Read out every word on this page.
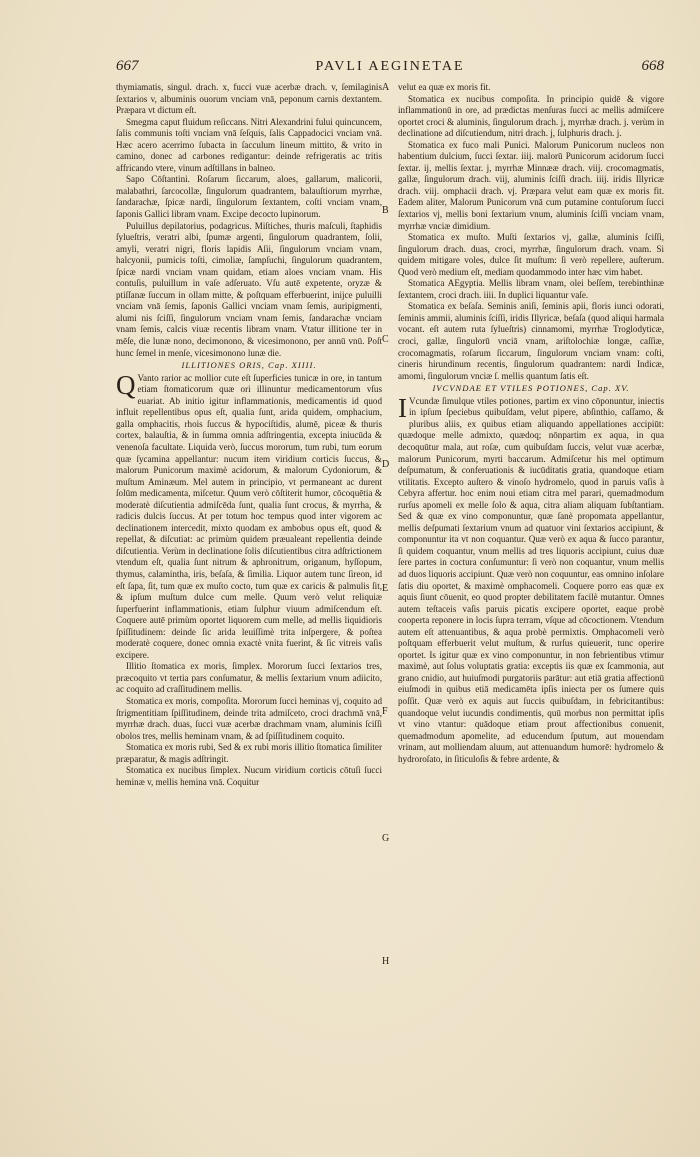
667	PAVLI AEGINETAE	668

thymiamatis, singul. drach. x, fucci vuæ acerbæ drach. v, ſemilaginis ſextarios v, albuminis ouorum vnciam vnā, peponum carnis dextantem. Præpara vt dictum eſt.

Smegma caput fluidum reſiccans. Nitri Alexandrini fului quincuncem, ſalis communis toſti vnciam vnā ſeſquis, ſalis Cappadocici vnciam vnā. Hæc acero acerrimo ſubacta in ſacculum lineum mittito, & vrito in camino, donec ad carbones redigantur: deinde refrigeratis ac tritis affricando vtere, vinum adſtillans in balneo.

Sapo Cōſtantini. Roſarum ſiccarum, aloes, gallarum, malicorii, malabathri, ſarcocollæ, ſingulorum quadrantem, balauſtiorum myrrhæ, ſandarachæ, ſpicæ nardi, ſingulorum ſextantem, coſti vnciam vnam, ſaponis Gallici libram vnam. Excipe decocto lupinorum.

Puluillus depilatorius, podagricus. Miſtiches, thuris maſculi, ſtaphidis ſylueſtris, veratri albi, ſpumæ argenti, ſingulorum quadrantem, ſolii, amyli, veratri nigri, floris lapidis Aſii, ſingulorum vnciam vnam, halcyonii, pumicis toſti, cimoliæ, ſampſuchi, ſingulorum quadrantem, ſpicæ nardi vnciam vnam quidam, etiam aloes vnciam vnam. His contuſis, puluillum in vaſe adſeruato. Vſu autē expetente, oryzæ & ptiſſanæ ſuccum in ollam mitte, & poſtquam efferbuerint, inijce puluilli vnciam vnā ſemis, ſaponis Gallici vnciam vnam ſemis, auripigmenti, alumi nis ſciſſi, ſingulorum vnciam vnam ſemis, ſandarachæ vnciam vnam ſemis, calcis viuæ recentis libram vnam. Vtatur illitione ter in mēſe, die lunæ nono, decimonono, & vicesimonono, per annū vnū. Poſt hunc ſemel in menſe, vicesimonono lunæ die.

ILLITIONES ORIS, Cap. XIIII.

Q Vanto rarior ac mollior cute eſt ſuperficies tunicæ in ore, in tantum etiam ſtomaticorum quæ ori illinuntur medicamentorum vſus euariat. Ab initio igitur inflammationis, medicamentis id quod influit repellentibus opus eſt, qualia ſunt, arida quidem, omphacium, galla omphacitis, rhois ſuccus & hypociſtidis, alumē, piceæ & thuris cortex, balauſtia, & in ſumma omnia adſtringentia, excepta iniucūda & venenoſa facultate. Liquida verò, ſuccus mororum, tum rubi, tum eorum quæ ſycamina appellantur: nucum item viridium corticis ſuccus, & malorum Punicorum maximè acidorum, & malorum Cydoniorum, & muſtum Aminæum. Mel autem in principio, vt permaneant ac durent ſolūm medicamenta, miſcetur. Quum verò cōſtiterit humor, cōcoquētia & moderatè diſcutientia admiſcēda ſunt, qualia ſunt crocus, & myrrha, & radicis dulcis ſuccus. At per totum hoc tempus quod inter vigorem ac declinationem intercedit, mixto quodam ex ambobus opus eſt, quod & repellat, & diſcutiat: ac primùm quidem præualeant repellentia deinde diſcutientia. Verùm in declinatione ſolis diſcutientibus citra adſtrictionem vtendum eſt, qualia ſunt nitrum & aphronitrum, origanum, hyſſopum, thymus, calamintha, iris, beſaſa, & ſimilia. Liquor autem tunc ſireon, id eſt ſapa, ſit, tum quæ ex muſto cocto, tum quæ ex caricis & palmulis ſit, & ipſum muſtum dulce cum melle. Quum verò velut reliquiæ ſuperfuerint inflammationis, etiam ſulphur viuum admiſcendum eſt. Coquere autē primùm oportet liquorem cum melle, ad mellis liquidioris ſpiſſitudinem: deinde ſic arida leuiſſimè trita inſpergere, & poſtea moderatè coquere, donec omnia exactè vnita fuerint, & ſic vitreis vaſis excipere.

Illitio ſtomatica ex moris, ſimplex. Mororum ſucci ſextarios tres, præcoquito vt tertia pars conſumatur, & mellis ſextarium vnum adiicito, ac coquito ad craſſitudinem mellis.

Stomatica ex moris, compoſita. Mororum ſucci heminas vj, coquito ad ſtrigmentitiam ſpiſſitudinem, deinde trita admiſceto, croci drachmā vnā, myrrhæ drach. duas, ſucci vuæ acerbæ drachmam vnam, aluminis ſciſſi obolos tres, mellis heminam vnam, & ad ſpiſſitudinem coquito.

Stomatica ex moris rubi, Sed & ex rubi moris illitio ſtomatica ſimiliter præparatur, & magis adſtringit.

Stomatica ex nucibus ſimplex. Nucum viridium corticis cōtuſi ſucci heminæ v, mellis hemina vnā. Coquitur

velut ea quæ ex moris fit.

Stomatica ex nucibus compoſita. In principio quidē & vigore inflammationū in ore, ad prædictas menſuras ſucci ac mellis admiſcere oportet croci & aluminis, ſingulorum drach. j, myrrhæ drach. j. verùm in declinatione ad diſcutiendum, nitri drach. j, ſulphuris drach. j.

Stomatica ex fuco mali Punici. Malorum Punicorum nucleos non habentium dulcium, ſucci ſextar. iiij. malorū Punicorum acidorum ſucci ſextar. ij, mellis ſextar. j, myrrhæ Minnææ drach. viij. crocomagmatis, gallæ, ſingulorum drach. viij, aluminis ſciſſi drach. iiij. iridis Illyricæ drach. viij. omphacii drach. vj. Præpara velut eam quæ ex moris fit. Eadem aliter, Malorum Punicorum vnā cum putamine contuſorum ſucci ſextarios vj, mellis boni ſextarium vnum, aluminis ſciſſi vnciam vnam, myrrhæ vnciæ dimidium.

Stomatica ex muſto. Muſti ſextarios vj, gallæ, aluminis ſciſſi, ſingulorum drach. duas, croci, myrrhæ, ſingulorum drach. vnam. Si quidem mitigare voles, dulce ſit muſtum: ſi verò repellere, auſterum. Quod verò medium eſt, mediam quodammodo inter hæc vim habet.

Stomatica AEgyptia. Mellis libram vnam, olei beſſem, terebinthinæ ſextantem, croci drach. iiii. In duplici liquantur vaſe.

Stomatica ex beſaſa. Seminis aniſi, ſeminis apii, floris iunci odorati, ſeminis ammii, aluminis ſciſſi, iridis Illyricæ, beſaſa (quod aliqui harmala vocant. eſt autem ruta ſylueſtris) cinnamomi, myrrhæ Troglodyticæ, croci, gallæ, ſingulorū vnciā vnam, ariſtolochiæ longæ, caſſiæ, crocomagmatis, roſarum ſiccarum, ſingulorum vnciam vnam: coſti, cineris hirundinum recentis, ſingulorum quadrantem: nardi Indicæ, amomi, ſingulorum vnciæ ſ. mellis quantum ſatis eſt.

IVCVNDAE ET VTILES POTIONES, Cap. XV.

I Vcundæ ſimulque vtiles potiones, partim ex vino cōponuntur, iniectis in ipſum ſpeciebus quibuſdam, velut pipere, abſinthio, caſſamo, & pluribus aliis, ex quibus etiam aliquando appellationes accipiūt: quædoque melle admixto, quædoq; nōnpartim ex aqua, in qua decoquūtur mala, aut roſæ, cum quibuſdam ſuccis, velut vuæ acerbæ, malorum Punicorum, myrti baccarum. Admiſcetur his mel optimum deſpumatum, & conferuationis & iucūditatis gratia, quandoque etiam vtilitatis. Excepto auſtero & vinoſo hydromelo, quod in paruis vaſis à Cebyra affertur. hoc enim noui etiam citra mel parari, quemadmodum rurſus apomeli ex melle ſolo & aqua, citra aliam aliquam ſubſtantiam. Sed & quæ ex vino componuntur, quæ ſanè propomata appellantur, mellis deſpumati ſextarium vnum ad quatuor vini ſextarios accipiunt, & componuntur ita vt non coquantur. Quæ verò ex aqua & ſucco parantur, ſi quidem coquantur, vnum mellis ad tres liquoris accipiunt, cuius duæ ſere partes in coctura conſumuntur: ſi verò non coquantur, vnum mellis ad duos liquoris accipiunt. Quæ verò non coquuntur, eas omnino inſolare ſatis diu oportet, & maximè omphacomeli. Coquere porro eas quæ ex aquis ſiunt cōuenit, eo quod propter debilitatem facilè mutantur. Omnes autem teſtaceis vaſis paruis picatis excipere oportet, eaque probè cooperta reponere in locis ſupra terram, vſque ad cōcoctionem. Vtendum autem eſt attenuantibus, & aqua probè permixtis. Omphacomeli verò poſtquam efferbuerit velut muſtum, & rurſus quieuerit, tunc operire oportet. Is igitur quæ ex vino componuntur, in non febrientibus vtimur maximè, aut ſolus voluptatis gratia: exceptis iis quæ ex ſcammonia, aut grano cnidio, aut huiuſmodi purgatoriis parātur: aut etiā gratia affectionū eiuſmodi in quibus etiā medicamēta ipſis iniecta per os ſumere quis poſſit. Quæ verò ex aquis aut ſuccis quibuſdam, in febricitantibus: quandoque velut iucundis condimentis, quū morbus non permittat ipſis vt vino vtantur: quādoque etiam prout affectionibus conuenit, quemadmodum apomelite, ad educendum ſputum, aut mouendam vrinam, aut molliendam aluum, aut attenuandum humorē: hydromelo & hydroroſato, in ſiticuloſis & febre ardente, &

A
B
C
D
E
F
G
H
